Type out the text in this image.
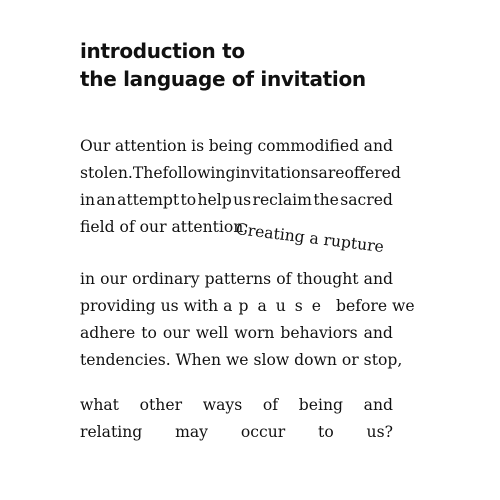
introduction to
the language of invitation
Our attention is being commodified and
stolen. The following invitations are offered
in an attempt to help us reclaim the sacred
field of our attention.
Creating a rupture
in our ordinary patterns of thought and
providing us with a pause before we
adhere to our well worn behaviors and
tendencies. When we slow down or stop,
what other ways of being and
relating may occur to us?
